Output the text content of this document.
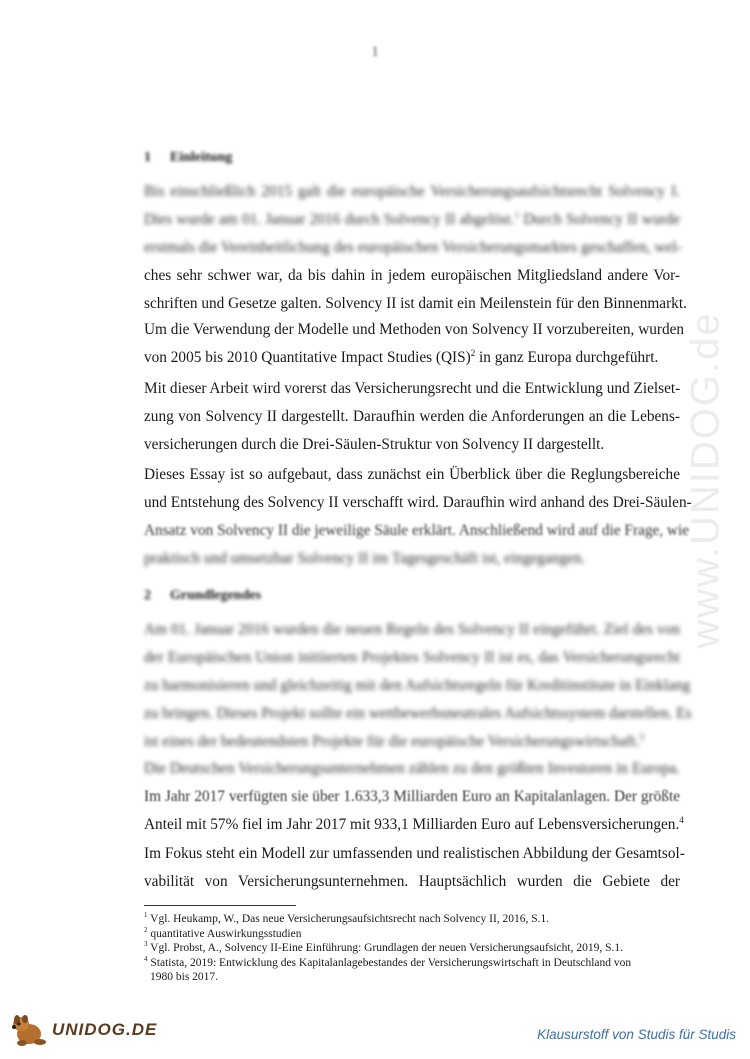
1
www.UNIDOG.de
1 Einleitung
Bis einschließlich 2015 galt die europäische Versicherungsaufsichtsrecht Solvency I.
Dies wurde am 01. Januar 2016 durch Solvency II abgelöst.$^1$ Durch Solvency II wurde
erstmals die Vereinheitlichung des europäischen Versicherungsmarktes geschaffen, wel-
ches sehr schwer war, da bis dahin in jedem europäischen Mitgliedsland andere Vor-
schriften und Gesetze galten. Solvency II ist damit ein Meilenstein für den Binnenmarkt.
Um die Verwendung der Modelle und Methoden von Solvency II vorzubereiten, wurden
von 2005 bis 2010 Quantitative Impact Studies (QIS)$^2$ in ganz Europa durchgeführt.
Mit dieser Arbeit wird vorerst das Versicherungsrecht und die Entwicklung und Zielset-
zung von Solvency II dargestellt. Daraufhin werden die Anforderungen an die Lebens-
versicherungen durch die Drei-Säulen-Struktur von Solvency II dargestellt.
Dieses Essay ist so aufgebaut, dass zunächst ein Überblick über die Reglungsbereiche
und Entstehung des Solvency II verschafft wird. Daraufhin wird anhand des Drei-Säulen-
Ansatz von Solvency II die jeweilige Säule erklärt. Anschließend wird auf die Frage, wie
praktisch und umsetzbar Solvency II im Tagesgeschäft ist, eingegangen.
2 Grundlegendes
Am 01. Januar 2016 wurden die neuen Regeln des Solvency II eingeführt. Ziel des von
der Europäischen Union initiierten Projektes Solvency II ist es, das Versicherungsrecht
zu harmonisieren und gleichzeitig mit den Aufsichtsregeln für Kreditinstitute in Einklang
zu bringen. Dieses Projekt sollte ein wettbewerbsneutrales Aufsichtssystem darstellen. Es
ist eines der bedeutendsten Projekte für die europäische Versicherungswirtschaft.$^3$
Die Deutschen Versicherungsunternehmen zählen zu den größten Investoren in Europa.
Im Jahr 2017 verfügten sie über 1.633,3 Milliarden Euro an Kapitalanlagen. Der größte
Anteil mit 57% fiel im Jahr 2017 mit 933,1 Milliarden Euro auf Lebensversicherungen.$^4$
Im Fokus steht ein Modell zur umfassenden und realistischen Abbildung der Gesamtsol-
vabilität von Versicherungsunternehmen. Hauptsächlich wurden die Gebiete der
$^1$ Vgl. Heukamp, W., Das neue Versicherungsaufsichtsrecht nach Solvency II, 2016, S.1.
$^2$ quantitative Auswirkungsstudien
$^3$ Vgl. Probst, A., Solvency II-Eine Einführung: Grundlagen der neuen Versicherungsaufsicht, 2019, S.1.
$^4$ Statista, 2019: Entwicklung des Kapitalanlagebestandes der Versicherungswirtschaft in Deutschland von
1980 bis 2017.
UNIDOG.DE	Klausurstoff von Studis für Studis
